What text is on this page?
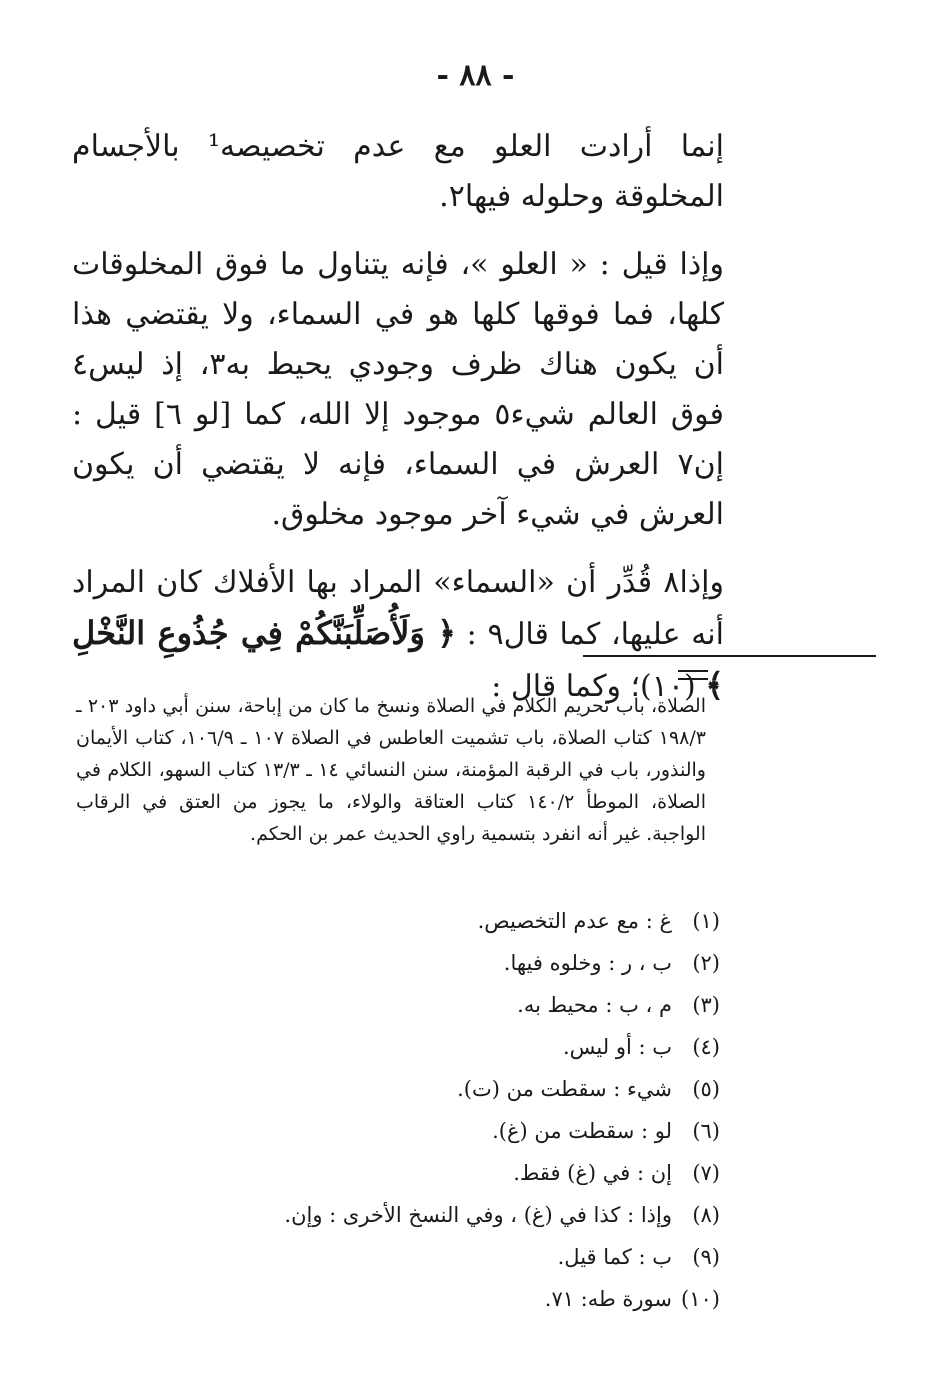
- ٨٨ -

إنما أرادت العلو مع عدم تخصيصه¹ بالأجسام المخلوقة وحلوله فيها٢.

وإذا قيل : « العلو »، فإنه يتناول ما فوق المخلوقات كلها، فما فوقها كلها هو في السماء، ولا يقتضي هذا أن يكون هناك ظرف وجودي يحيط به٣، إذ ليس٤ فوق العالم شيء٥ موجود إلا الله، كما [لو ٦] قيل : إن٧ العرش في السماء، فإنه لا يقتضي أن يكون العرش في شيء آخر موجود مخلوق.

وإذا٨ قُدِّر أن «السماء» المراد بها الأفلاك كان المراد أنه عليها، كما قال٩ : ﴿ وَلَأُصَلِّبَنَّكُمْ فِي جُذُوعِ النَّخْلِ ﴾ (١٠)؛ وكما قال :

الصلاة، باب تحريم الكلام في الصلاة ونسخ ما كان من إباحة، سنن أبي داود ٢٠٣ ـ ١٩٨/٣ كتاب الصلاة، باب تشميت العاطس في الصلاة ١٠٧ ـ ١٠٦/٩، كتاب الأيمان والنذور، باب في الرقبة المؤمنة، سنن النسائي ١٤ ـ ١٣/٣ كتاب السهو، الكلام في الصلاة، الموطأ ١٤٠/٢ كتاب العتاقة والولاء، ما يجوز من العتق في الرقاب الواجبة. غير أنه انفرد بتسمية راوي الحديث عمر بن الحكم.

(١)
غ : مع عدم التخصيص.
(٢)
ب ، ر : وخلوه فيها.
(٣)
م ، ب : محيط به.
(٤)
ب : أو ليس.
(٥)
شيء : سقطت من (ت).
(٦)
لو : سقطت من (غ).
(٧)
إن : في (غ) فقط.
(٨)
وإذا : كذا في (غ) ، وفي النسخ الأخرى : وإن.
(٩)
ب : كما قيل.
(١٠)
سورة طه: ٧١.
